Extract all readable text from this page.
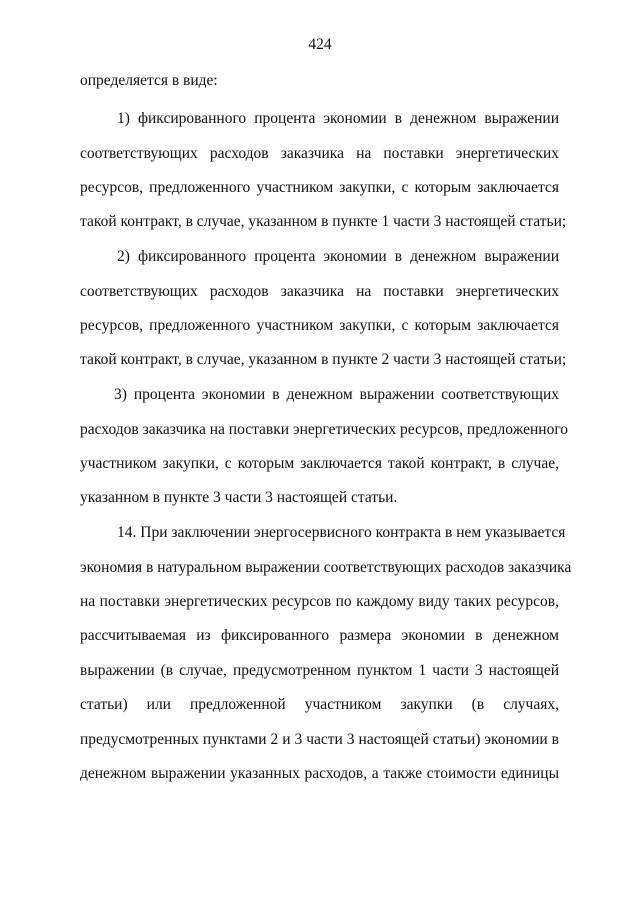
424
определяется в виде:
1) фиксированного процента экономии в денежном выражении
соответствующих расходов заказчика на поставки энергетических
ресурсов, предложенного участником закупки, с которым заключается
такой контракт, в случае, указанном в пункте 1 части 3 настоящей статьи;
2) фиксированного процента экономии в денежном выражении
соответствующих расходов заказчика на поставки энергетических
ресурсов, предложенного участником закупки, с которым заключается
такой контракт, в случае, указанном в пункте 2 части 3 настоящей статьи;
3) процента экономии в денежном выражении соответствующих
расходов заказчика на поставки энергетических ресурсов, предложенного
участником закупки, с которым заключается такой контракт, в случае,
указанном в пункте 3 части 3 настоящей статьи.
14. При заключении энергосервисного контракта в нем указывается
экономия в натуральном выражении соответствующих расходов заказчика
на поставки энергетических ресурсов по каждому виду таких ресурсов,
рассчитываемая из фиксированного размера экономии в денежном
выражении (в случае, предусмотренном пунктом 1 части 3 настоящей
статьи) или предложенной участником закупки (в случаях,
предусмотренных пунктами 2 и 3 части 3 настоящей статьи) экономии в
денежном выражении указанных расходов, а также стоимости единицы
